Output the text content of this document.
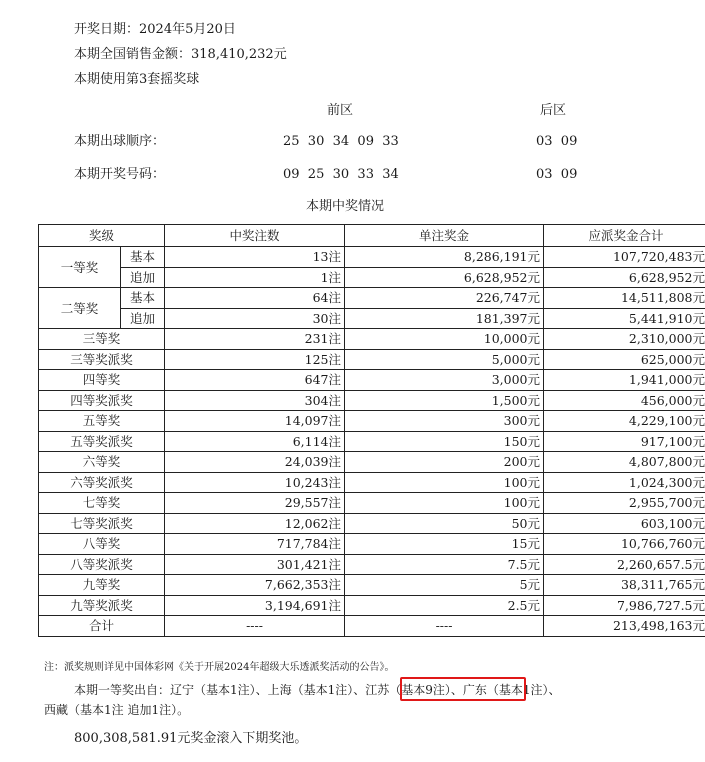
开奖日期：2024年5月20日
本期全国销售金额：318,410,232元
本期使用第3套摇奖球
前区	后区
本期出球顺序：	25  30  34  09  33	03  09
本期开奖号码：	09  25  30  33  34	03  09
本期中奖情况
奖级		中奖注数	单注奖金	应派奖金合计
一等奖	基本	13注	8,286,191元	107,720,483元
	追加	1注	6,628,952元	6,628,952元
二等奖	基本	64注	226,747元	14,511,808元
	追加	30注	181,397元	5,441,910元
三等奖		231注	10,000元	2,310,000元
三等奖派奖		125注	5,000元	625,000元
四等奖		647注	3,000元	1,941,000元
四等奖派奖		304注	1,500元	456,000元
五等奖		14,097注	300元	4,229,100元
五等奖派奖		6,114注	150元	917,100元
六等奖		24,039注	200元	4,807,800元
六等奖派奖		10,243注	100元	1,024,300元
七等奖		29,557注	100元	2,955,700元
七等奖派奖		12,062注	50元	603,100元
八等奖		717,784注	15元	10,766,760元
八等奖派奖		301,421注	7.5元	2,260,657.5元
九等奖		7,662,353注	5元	38,311,765元
九等奖派奖		3,194,691注	2.5元	7,986,727.5元
合计		----	----	213,498,163元
注：派奖规则详见中国体彩网《关于开展2024年超级大乐透派奖活动的公告》。
本期一等奖出自：辽宁（基本1注）、上海（基本1注）、江苏（基本9注）、广东（基本1注）、
西藏（基本1注 追加1注）。
800,308,581.91元奖金滚入下期奖池。
